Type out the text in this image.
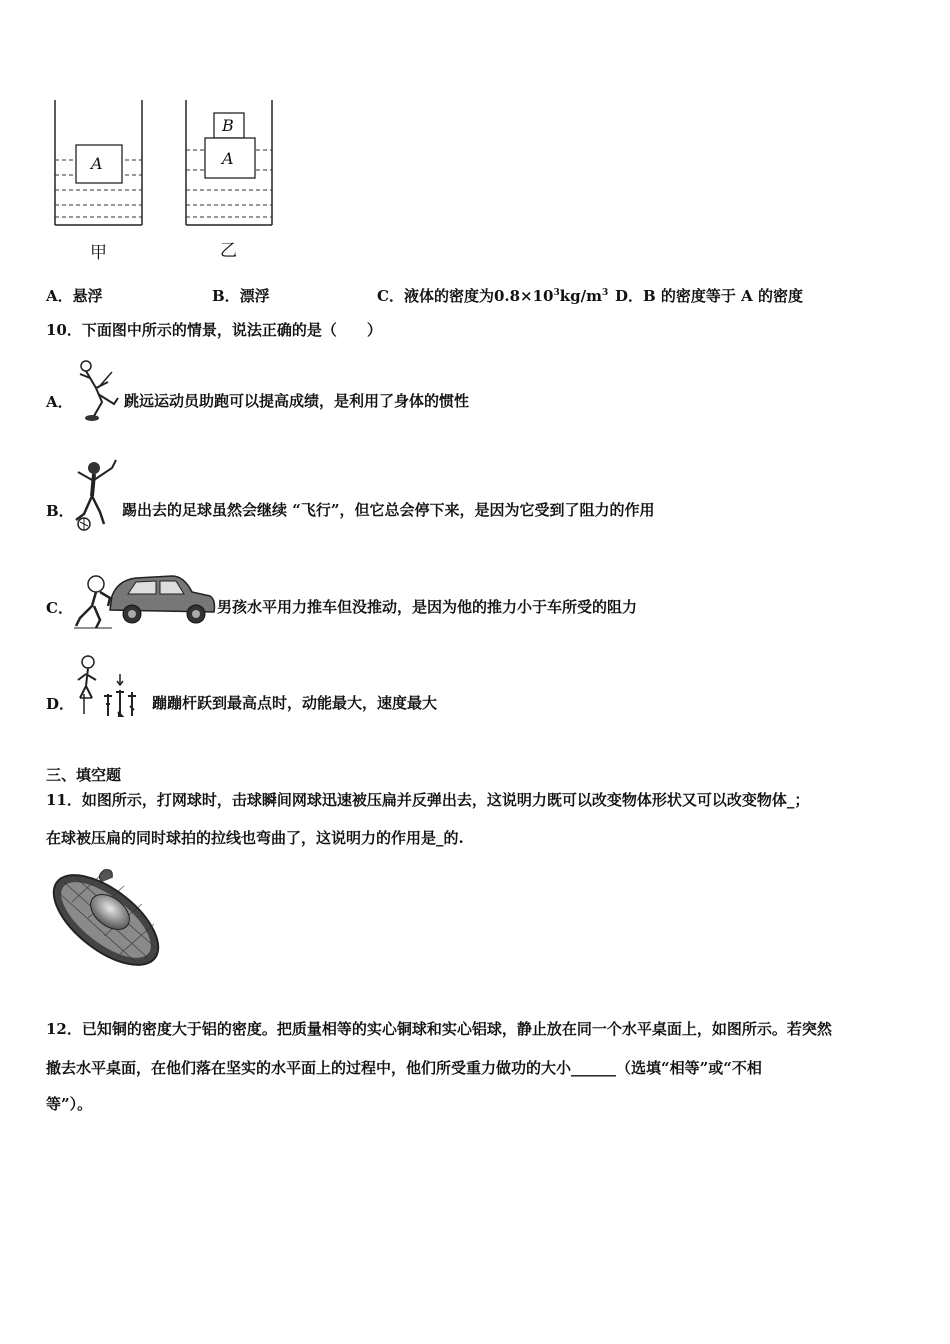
A
B
A
甲	乙
A．悬浮	B．漂浮	C．液体的密度为$0.8\times 10^3kg/m^3$ D．B 的密度等于 A 的密度
10．下面图中所示的情景，说法正确的是（　　）
A．	跳远运动员助跑可以提高成绩，是利用了身体的惯性
B．	踢出去的足球虽然会继续 “飞行”，但它总会停下来，是因为它受到了阻力的作用
C．	男孩水平用力推车但没推动，是因为他的推力小于车所受的阻力
D．	蹦蹦杆跃到最高点时，动能最大，速度最大
三、填空题
11．如图所示，打网球时，击球瞬间网球迅速被压扁并反弹出去，这说明力既可以改变物体形状又可以改变物体_；
在球被压扁的同时球拍的拉线也弯曲了，这说明力的作用是_的.
12．已知铜的密度大于铝的密度。把质量相等的实心铜球和实心铝球，静止放在同一个水平桌面上，如图所示。若突然
撤去水平桌面，在他们落在坚实的水平面上的过程中，他们所受重力做功的大小______（选填“相等”或“不相
等”）。
